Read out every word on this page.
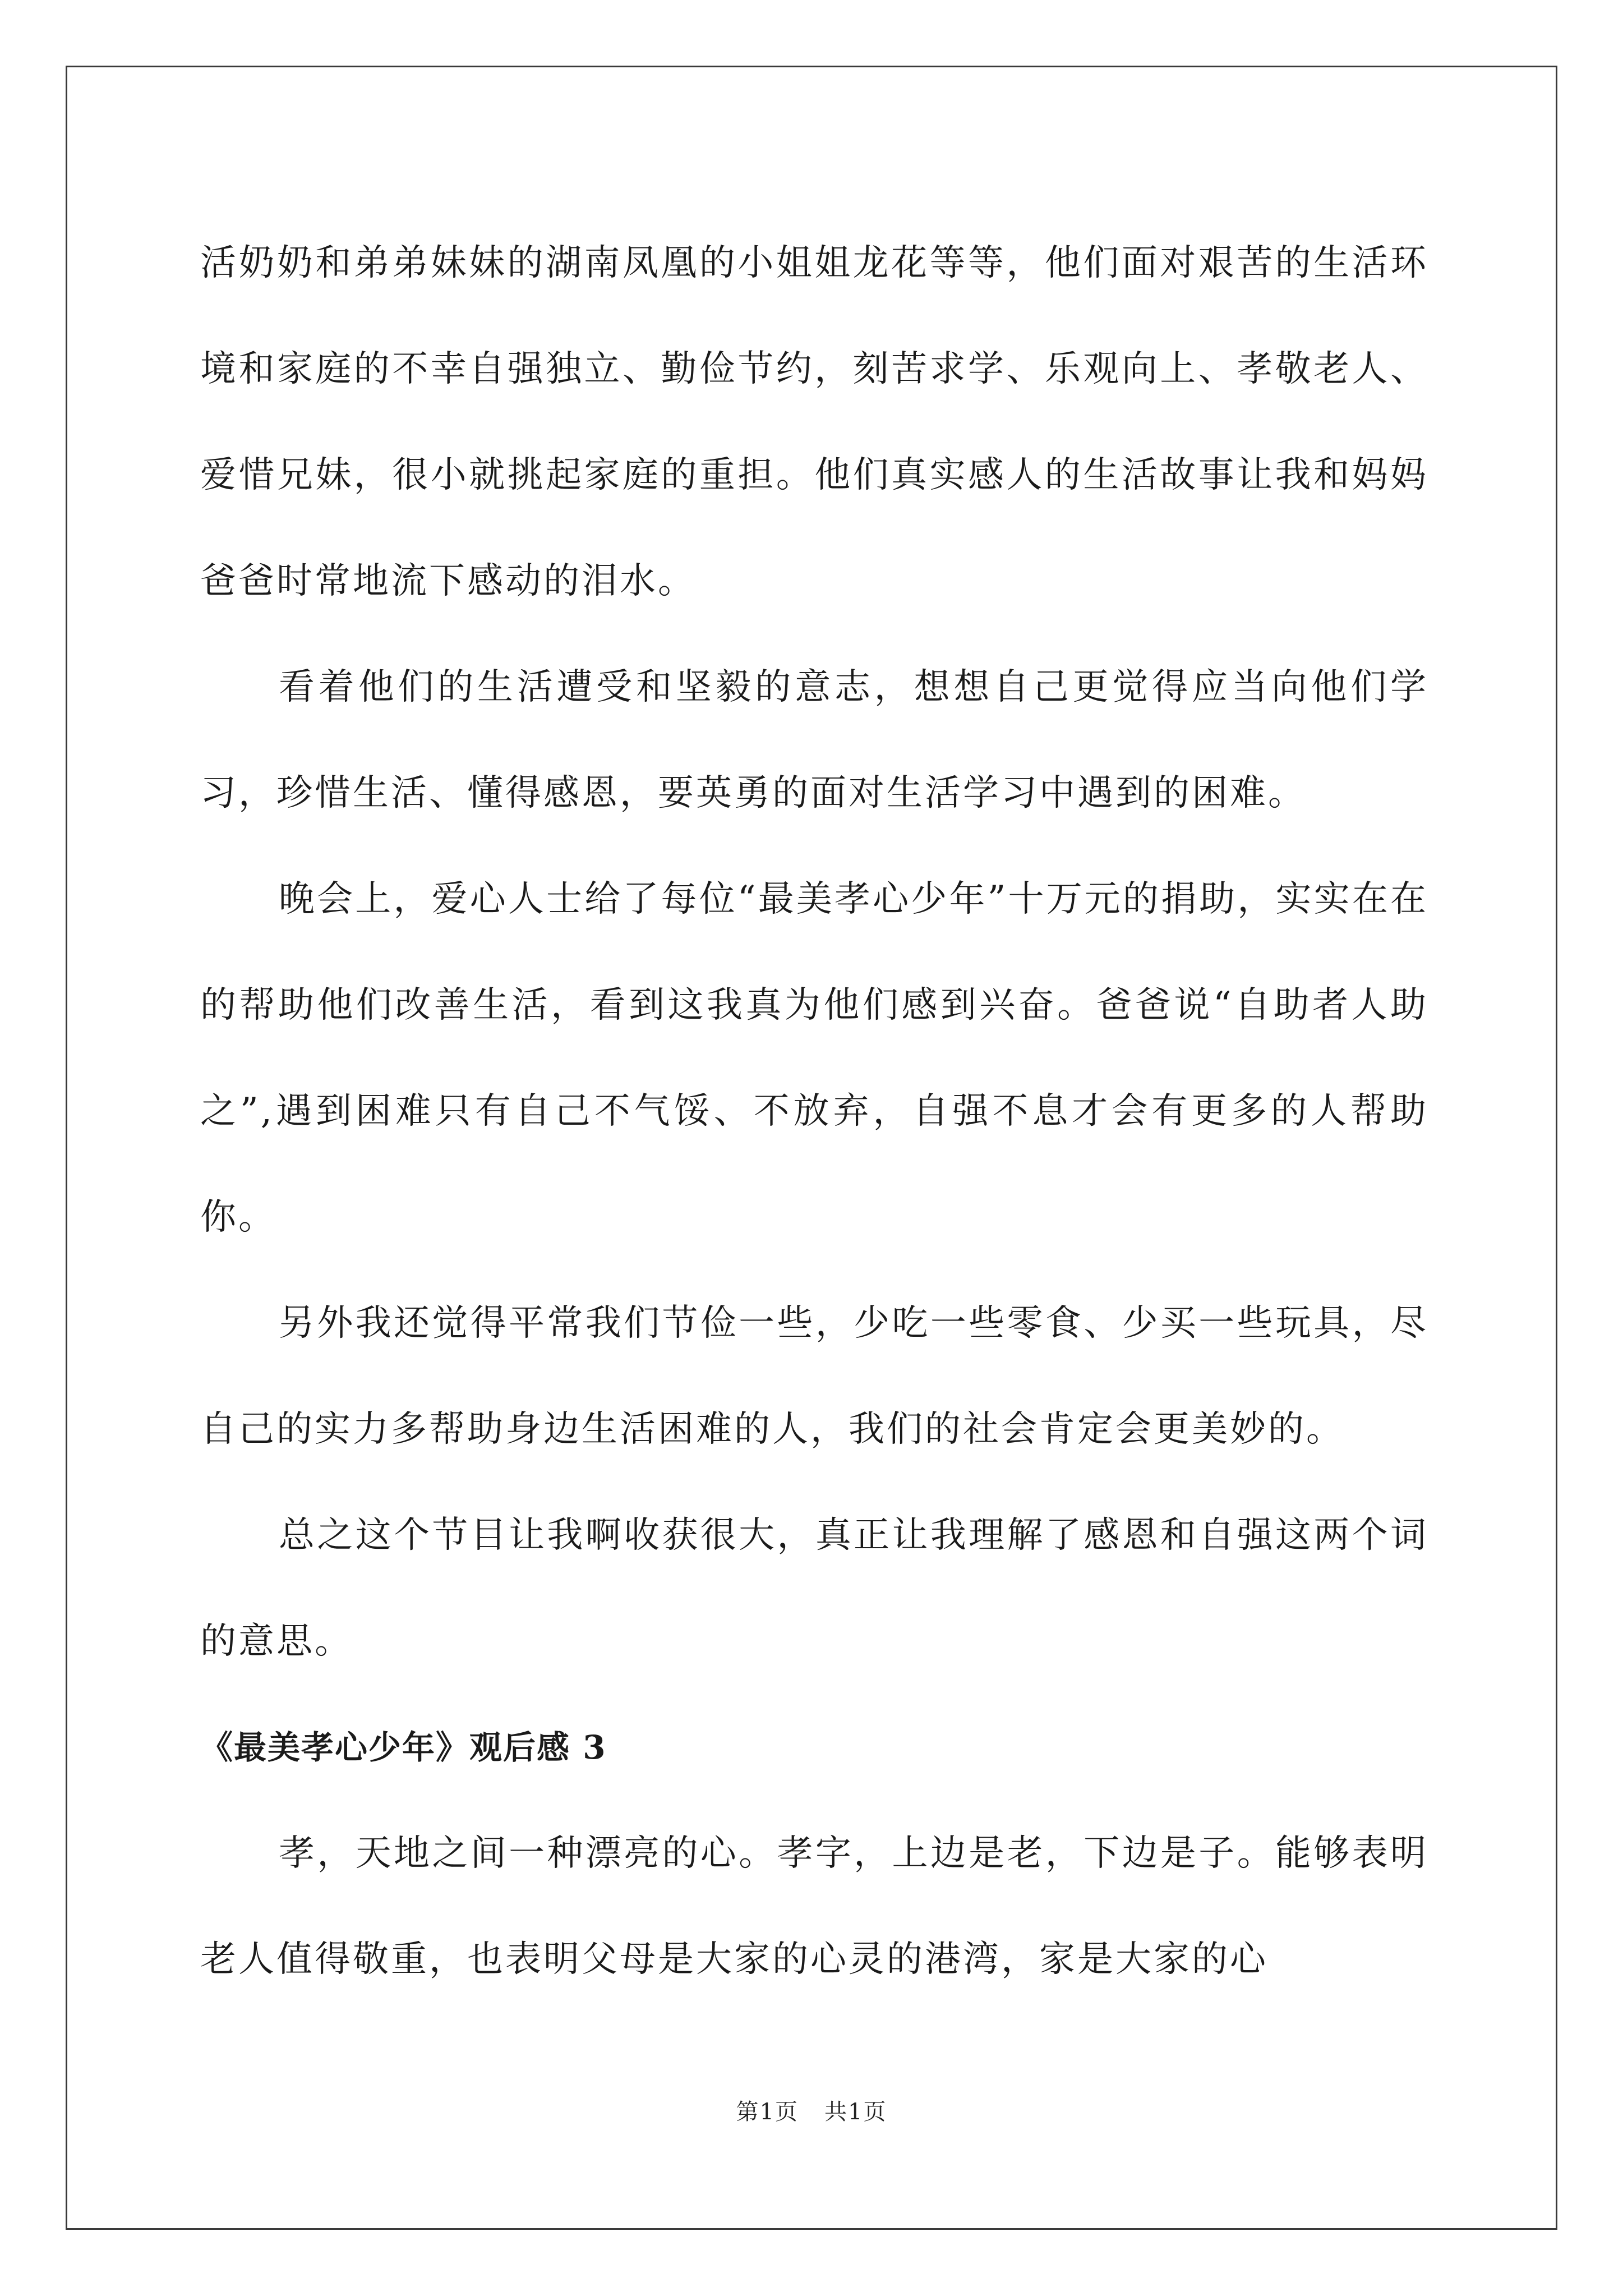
活奶奶和弟弟妹妹的湖南凤凰的小姐姐龙花等等，他们面对艰苦的生活环境和家庭的不幸自强独立、勤俭节约，刻苦求学、乐观向上、孝敬老人、爱惜兄妹，很小就挑起家庭的重担。他们真实感人的生活故事让我和妈妈爸爸时常地流下感动的泪水。

看着他们的生活遭受和坚毅的意志，想想自己更觉得应当向他们学习，珍惜生活、懂得感恩，要英勇的面对生活学习中遇到的困难。

晚会上，爱心人士给了每位“最美孝心少年”十万元的捐助，实实在在的帮助他们改善生活，看到这我真为他们感到兴奋。爸爸说“自助者人助之”,遇到困难只有自己不气馁、不放弃，自强不息才会有更多的人帮助你。

另外我还觉得平常我们节俭一些，少吃一些零食、少买一些玩具，尽自己的实力多帮助身边生活困难的人，我们的社会肯定会更美妙的。

总之这个节目让我啊收获很大，真正让我理解了感恩和自强这两个词的意思。

《最美孝心少年》观后感 3

孝，天地之间一种漂亮的心。孝字，上边是老，下边是子。能够表明老人值得敬重，也表明父母是大家的心灵的港湾，家是大家的心

第1页 共1页
